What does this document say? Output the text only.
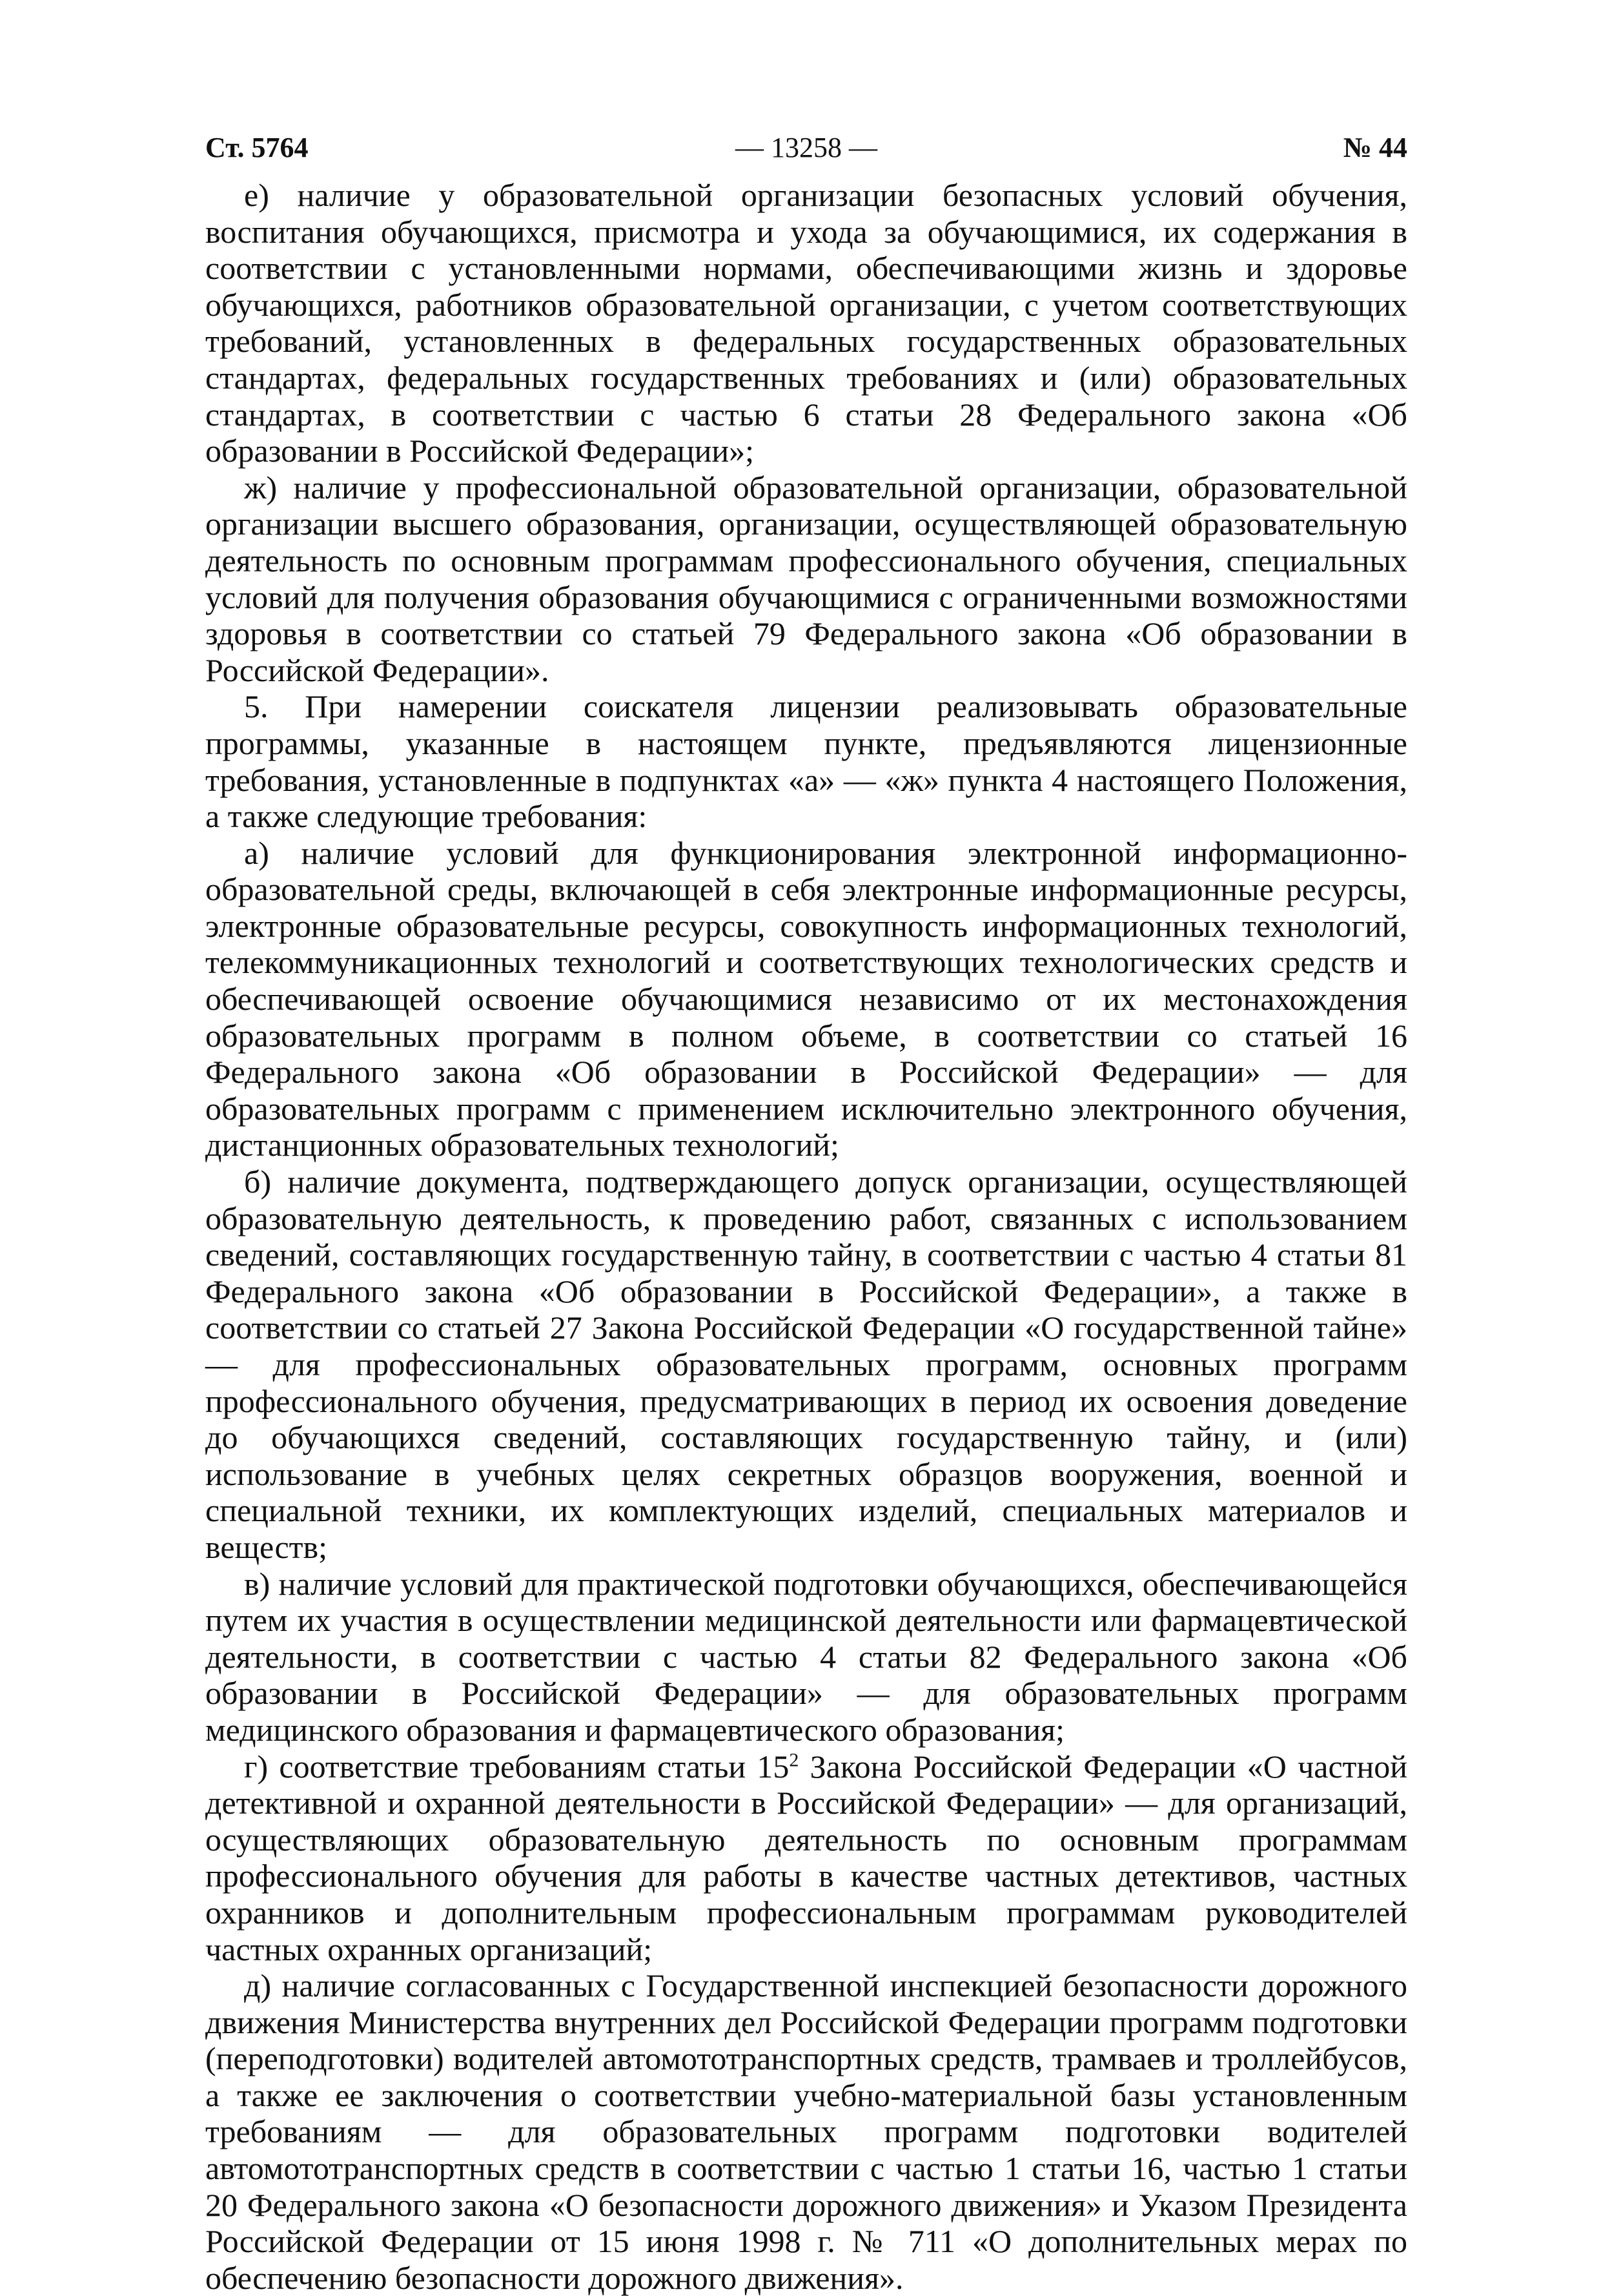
Ст. 5764	— 13258 —	№ 44

е) наличие у образовательной организации безопасных условий обучения, воспитания обучающихся, присмотра и ухода за обучающимися, их содержания в соответствии с установленными нормами, обеспечивающими жизнь и здоровье обучающихся, работников образовательной организации, с учетом соответствующих требований, установленных в федеральных государственных образовательных стандартах, федеральных государственных требованиях и (или) образовательных стандартах, в соответствии с частью 6 статьи 28 Федерального закона «Об образовании в Российской Федерации»;

ж) наличие у профессиональной образовательной организации, образовательной организации высшего образования, организации, осуществляющей образовательную деятельность по основным программам профессионального обучения, специальных условий для получения образования обучающимися с ограниченными возможностями здоровья в соответствии со статьей 79 Федерального закона «Об образовании в Российской Федерации».

5. При намерении соискателя лицензии реализовывать образовательные программы, указанные в настоящем пункте, предъявляются лицензионные требования, установленные в подпунктах «а» — «ж» пункта 4 настоящего Положения, а также следующие требования:

а) наличие условий для функционирования электронной информационно-образовательной среды, включающей в себя электронные информационные ресурсы, электронные образовательные ресурсы, совокупность информационных технологий, телекоммуникационных технологий и соответствующих технологических средств и обеспечивающей освоение обучающимися независимо от их местонахождения образовательных программ в полном объеме, в соответствии со статьей 16 Федерального закона «Об образовании в Российской Федерации» — для образовательных программ с применением исключительно электронного обучения, дистанционных образовательных технологий;

б) наличие документа, подтверждающего допуск организации, осуществляющей образовательную деятельность, к проведению работ, связанных с использованием сведений, составляющих государственную тайну, в соответствии с частью 4 статьи 81 Федерального закона «Об образовании в Российской Федерации», а также в соответствии со статьей 27 Закона Российской Федерации «О государственной тайне» — для профессиональных образовательных программ, основных программ профессионального обучения, предусматривающих в период их освоения доведение до обучающихся сведений, составляющих государственную тайну, и (или) использование в учебных целях секретных образцов вооружения, военной и специальной техники, их комплектующих изделий, специальных материалов и веществ;

в) наличие условий для практической подготовки обучающихся, обеспечивающейся путем их участия в осуществлении медицинской деятельности или фармацевтической деятельности, в соответствии с частью 4 статьи 82 Федерального закона «Об образовании в Российской Федерации» — для образовательных программ медицинского образования и фармацевтического образования;

г) соответствие требованиям статьи $15^2$ Закона Российской Федерации «О частной детективной и охранной деятельности в Российской Федерации» — для организаций, осуществляющих образовательную деятельность по основным программам профессионального обучения для работы в качестве частных детективов, частных охранников и дополнительным профессиональным программам руководителей частных охранных организаций;

д) наличие согласованных с Государственной инспекцией безопасности дорожного движения Министерства внутренних дел Российской Федерации программ подготовки (переподготовки) водителей автомототранспортных средств, трамваев и троллейбусов, а также ее заключения о соответствии учебно-материальной базы установленным требованиям — для образовательных программ подготовки водителей автомототранспортных средств в соответствии с частью 1 статьи 16, частью 1 статьи 20 Федерального закона «О безопасности дорожного движения» и Указом Президента Российской Федерации от 15 июня 1998 г. № 711 «О дополнительных мерах по обеспечению безопасности дорожного движения».
